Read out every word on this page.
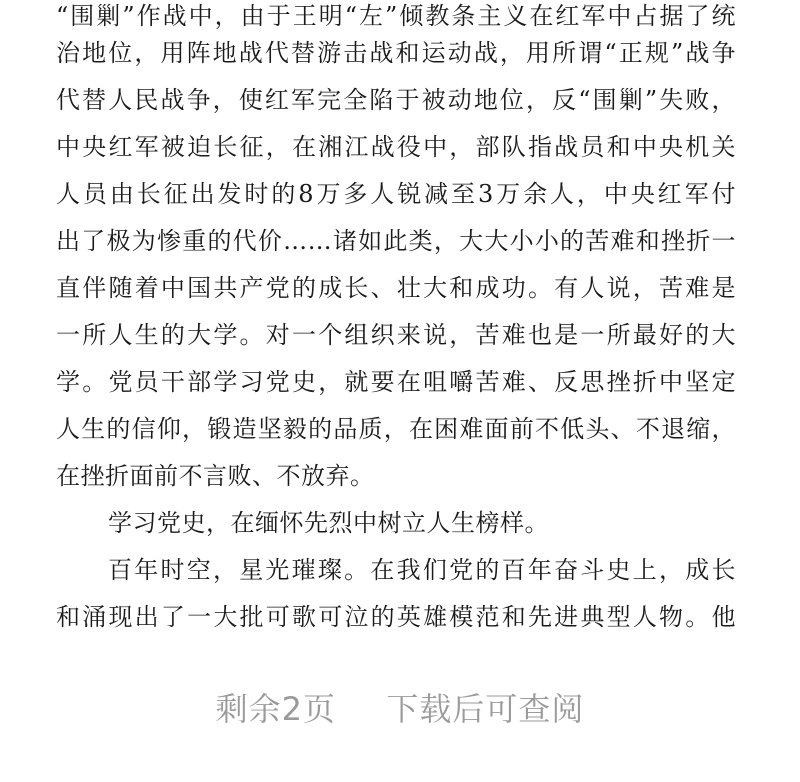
“围剿”作战中，由于王明“左”倾教条主义在红军中占据了统
治地位，用阵地战代替游击战和运动战，用所谓“正规”战争
代替人民战争，使红军完全陷于被动地位，反“围剿”失败，
中央红军被迫长征，在湘江战役中，部队指战员和中央机关
人员由长征出发时的8万多人锐减至3万余人，中央红军付
出了极为惨重的代价……诸如此类，大大小小的苦难和挫折一
直伴随着中国共产党的成长、壮大和成功。有人说，苦难是
一所人生的大学。对一个组织来说，苦难也是一所最好的大
学。党员干部学习党史，就要在咀嚼苦难、反思挫折中坚定
人生的信仰，锻造坚毅的品质，在困难面前不低头、不退缩，
在挫折面前不言败、不放弃。
学习党史，在缅怀先烈中树立人生榜样。
百年时空，星光璀璨。在我们党的百年奋斗史上，成长
和涌现出了一大批可歌可泣的英雄模范和先进典型人物。他
剩余2页 下载后可查阅
